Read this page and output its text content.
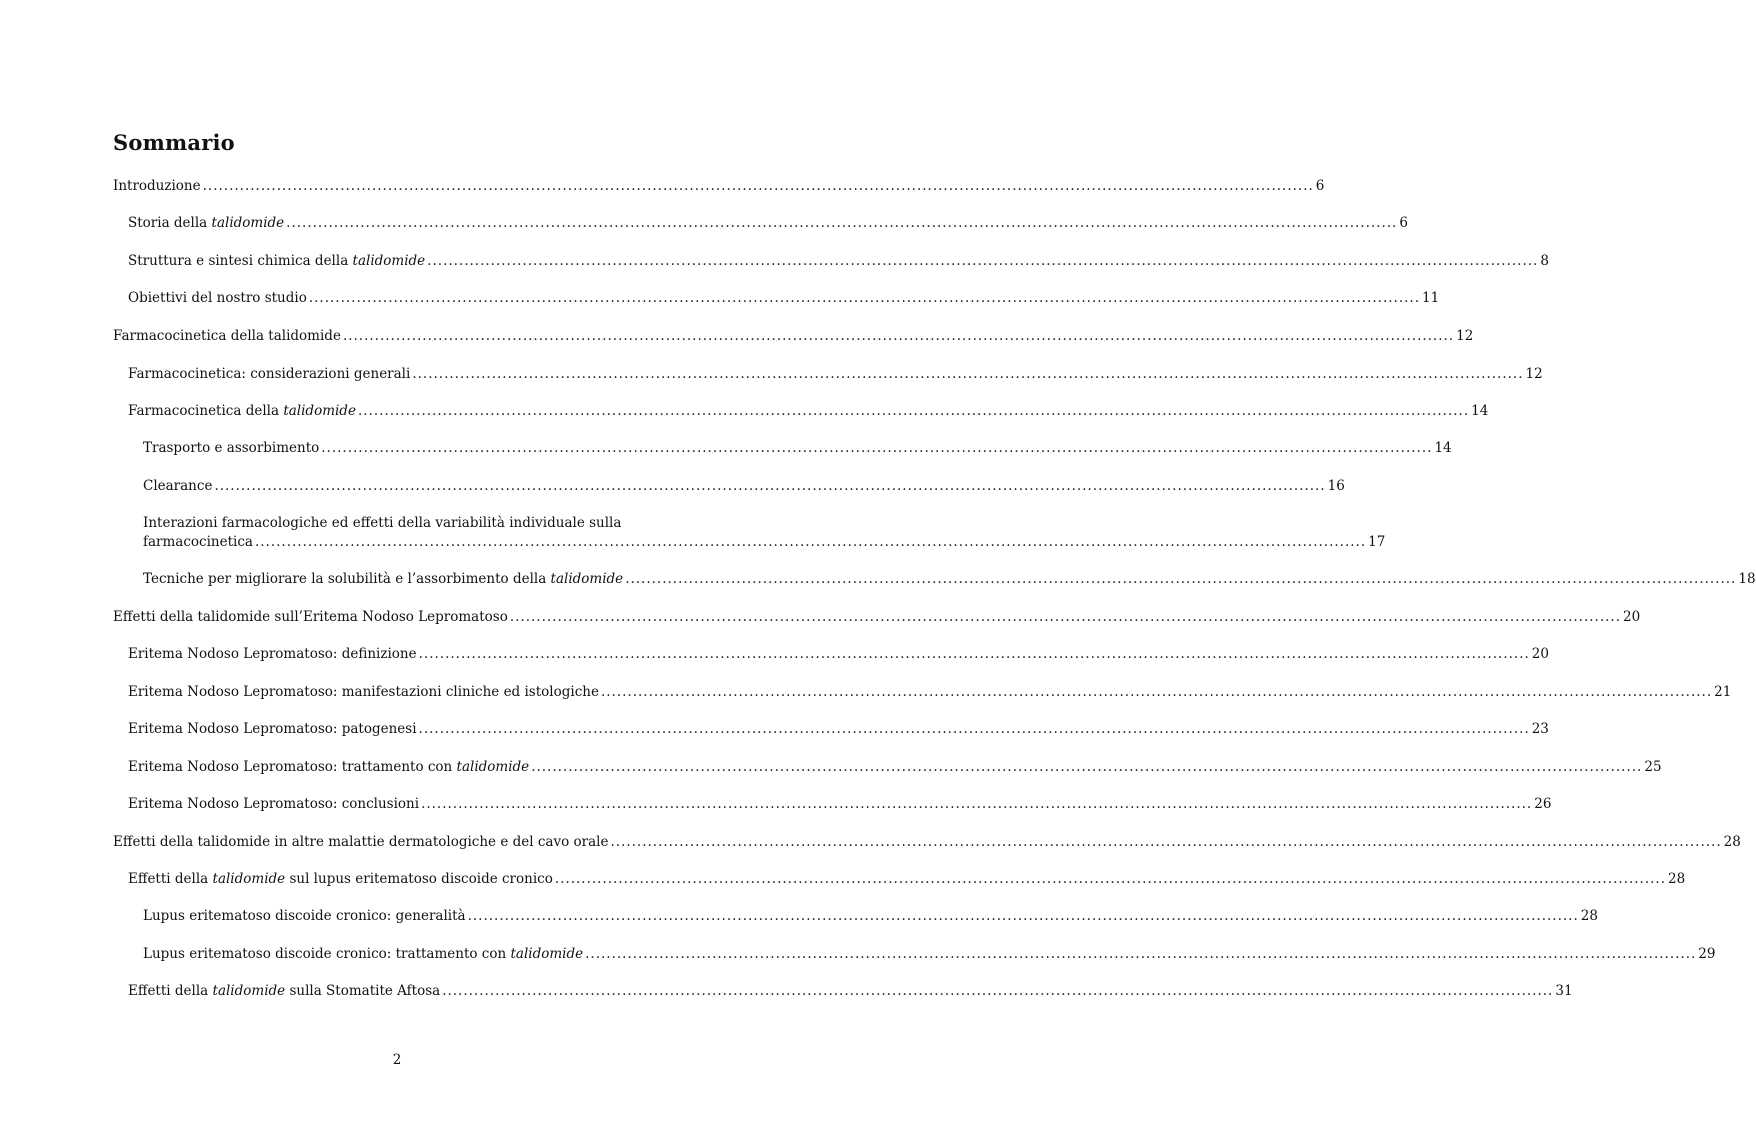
Sommario
Introduzione .................................................................................................................................................................................................................. 6
Storia della talidomide .................................................................................................................................................................................................................. 6
Struttura e sintesi chimica della talidomide .................................................................................................................................................................................................................. 8
Obiettivi del nostro studio .................................................................................................................................................................................................................. 11
Farmacocinetica della talidomide .................................................................................................................................................................................................................. 12
Farmacocinetica: considerazioni generali .................................................................................................................................................................................................................. 12
Farmacocinetica della talidomide .................................................................................................................................................................................................................. 14
Trasporto e assorbimento .................................................................................................................................................................................................................. 14
Clearance .................................................................................................................................................................................................................. 16
Interazioni farmacologiche ed effetti della variabilità individuale sulla
farmacocinetica .................................................................................................................................................................................................................. 17
Tecniche per migliorare la solubilità e l’assorbimento della talidomide .................................................................................................................................................................................................................. 18
Effetti della talidomide sull’Eritema Nodoso Lepromatoso .................................................................................................................................................................................................................. 20
Eritema Nodoso Lepromatoso: definizione .................................................................................................................................................................................................................. 20
Eritema Nodoso Lepromatoso: manifestazioni cliniche ed istologiche .................................................................................................................................................................................................................. 21
Eritema Nodoso Lepromatoso: patogenesi .................................................................................................................................................................................................................. 23
Eritema Nodoso Lepromatoso: trattamento con talidomide .................................................................................................................................................................................................................. 25
Eritema Nodoso Lepromatoso: conclusioni .................................................................................................................................................................................................................. 26
Effetti della talidomide in altre malattie dermatologiche e del cavo orale .................................................................................................................................................................................................................. 28
Effetti della talidomide sul lupus eritematoso discoide cronico .................................................................................................................................................................................................................. 28
Lupus eritematoso discoide cronico: generalità .................................................................................................................................................................................................................. 28
Lupus eritematoso discoide cronico: trattamento con talidomide .................................................................................................................................................................................................................. 29
Effetti della talidomide sulla Stomatite Aftosa .................................................................................................................................................................................................................. 31
2
